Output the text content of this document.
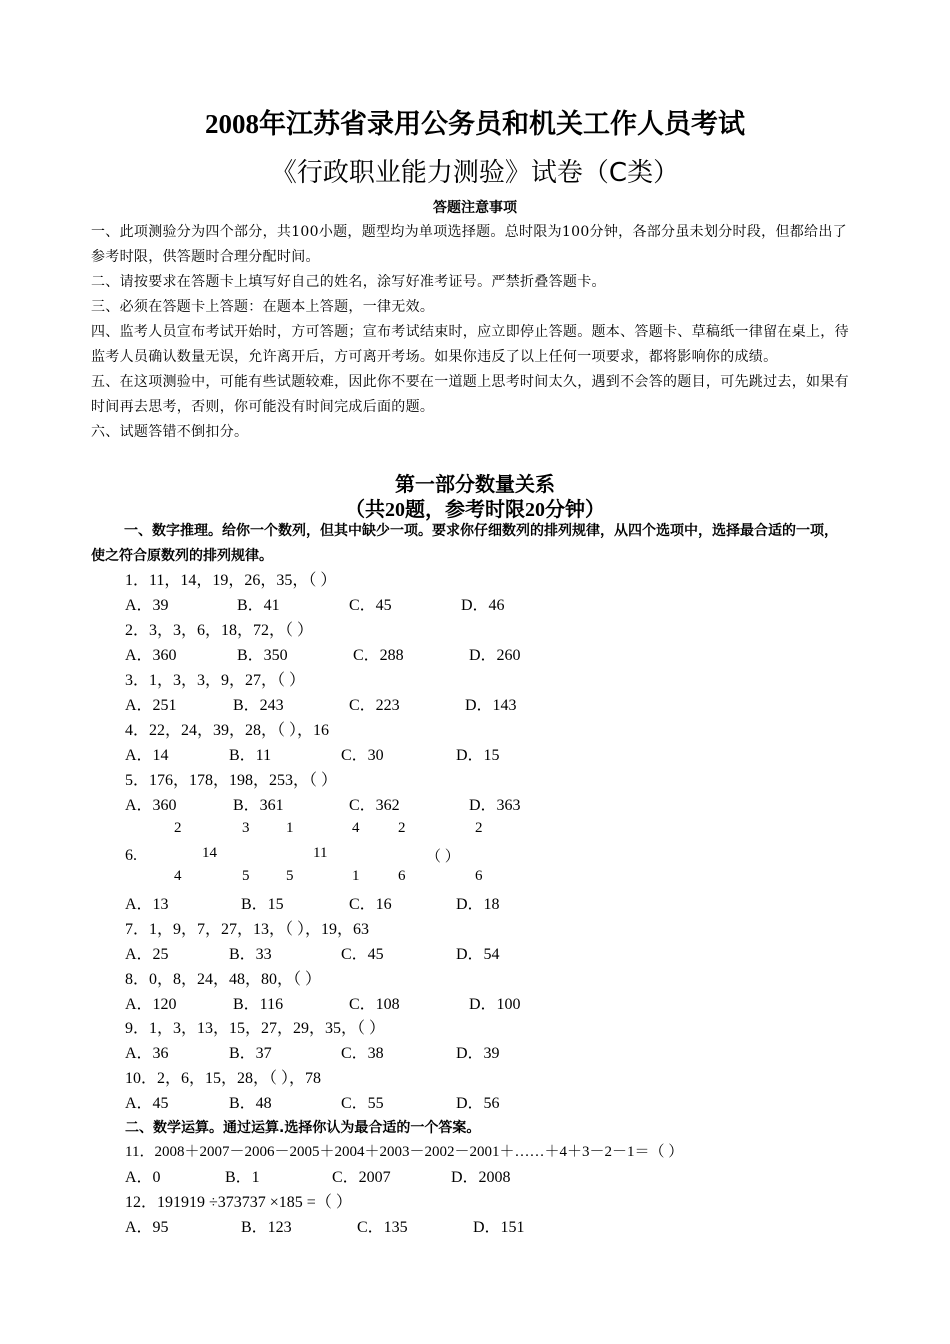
2008年江苏省录用公务员和机关工作人员考试
《行政职业能力测验》试卷（C类）
答题注意事项

一、此项测验分为四个部分，共100小题，题型均为单项选择题。总时限为100分钟，各部分虽未划分时段，但都给出了参考时限，供答题时合理分配时间。

二、请按要求在答题卡上填写好自己的姓名，涂写好准考证号。严禁折叠答题卡。

三、必须在答题卡上答题：在题本上答题，一律无效。

四、监考人员宣布考试开始时，方可答题；宣布考试结束时，应立即停止答题。题本、答题卡、草稿纸一律留在桌上，待监考人员确认数量无误，允许离开后，方可离开考场。如果你违反了以上任何一项要求，都将影响你的成绩。

五、在这项测验中，可能有些试题较难，因此你不要在一道题上思考时间太久，遇到不会答的题目，可先跳过去，如果有时间再去思考，否则，你可能没有时间完成后面的题。

六、试题答错不倒扣分。

第一部分数量关系
（共20题，参考时限20分钟）

一、数字推理。给你一个数列，但其中缺少一项。要求你仔细数列的排列规律，从四个选项中，选择最合适的一项，使之符合原数列的排列规律。

1．11，14，19，26，35，（ ）
A．39	B．41	C．45	D．46
2．3，3，6，18，72，（ ）
A．360	B．350	C．288	D．260
3．1，3，3，9，27，（ ）
A．251	B．243	C．223	D．143
4．22，24，39，28，（ ），16
A．14	B．11	C．30	D．15
5．176，178，198，253，（ ）
A．360	B．361	C．362	D．363
2	3 1	4	2	2
6.	14	11	（ ）
4	5 5	1	6	6
A．13	B．15	C．16	D．18
7．1，9，7，27，13，（ ），19，63
A．25	B．33	C．45	D．54
8．0，8，24，48，80，（ ）
A．120	B．116	C．108	D．100
9．1，3，13，15，27，29，35，（ ）
A．36	B．37	C．38	D．39
10．2，6，15，28，（ ），78
A．45	B．48	C．55	D．56
二、数学运算。通过运算.选择你认为最合适的一个答案。
11．2008＋2007－2006－2005＋2004＋2003－2002－2001＋……＋4＋3－2－1＝（ ）
A．0	B．1	C．2007	D．2008
12．191919 ÷373737 ×185 =（ ）
A．95	B．123	C．135	D．151
